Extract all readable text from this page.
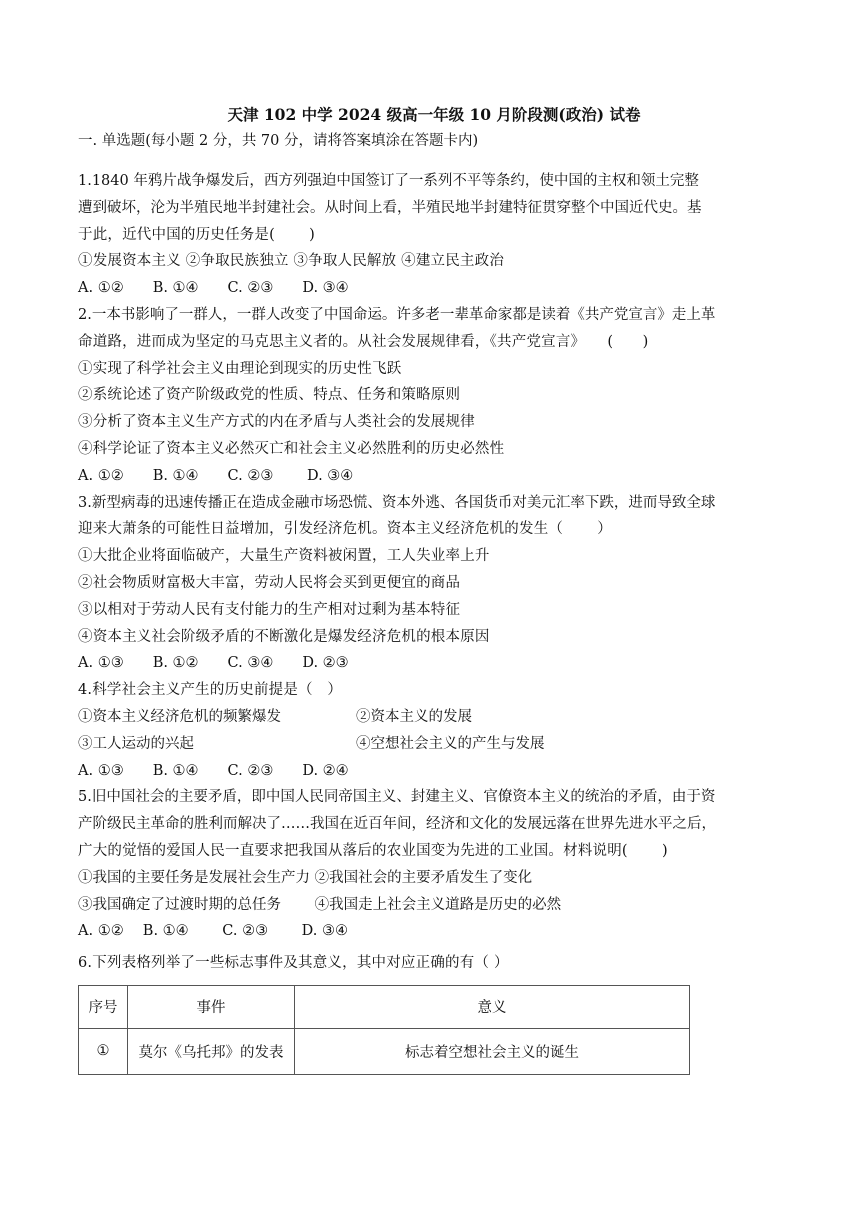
天津 102 中学 2024 级高一年级 10 月阶段测(政治) 试卷
一. 单选题(每小题 2 分，共 70 分，请将答案填涂在答题卡内)
1.1840 年鸦片战争爆发后，西方列强迫中国签订了一系列不平等条约，使中国的主权和领土完整
遭到破坏，沦为半殖民地半封建社会。从时间上看，半殖民地半封建特征贯穿整个中国近代史。基
于此，近代中国的历史任务是(　　 )
①发展资本主义 ②争取民族独立 ③争取人民解放 ④建立民主政治
A. ①②　　B. ①④　　C. ②③　　D. ③④
2.一本书影响了一群人，一群人改变了中国命运。许多老一辈革命家都是读着《共产党宣言》走上革
命道路，进而成为坚定的马克思主义者的。从社会发展规律看，《共产党宣言》　　(　　)
①实现了科学社会主义由理论到现实的历史性飞跃
②系统论述了资产阶级政党的性质、特点、任务和策略原则
③分析了资本主义生产方式的内在矛盾与人类社会的发展规律
④科学论证了资本主义必然灭亡和社会主义必然胜利的历史必然性
A. ①②　　B. ①④　　C. ②③　　 D. ③④
3.新型病毒的迅速传播正在造成金融市场恐慌、资本外逃、各国货币对美元汇率下跌，进而导致全球
迎来大萧条的可能性日益增加，引发经济危机。资本主义经济危机的发生（　　 ）
①大批企业将面临破产，大量生产资料被闲置，工人失业率上升
②社会物质财富极大丰富，劳动人民将会买到更便宜的商品
③以相对于劳动人民有支付能力的生产相对过剩为基本特征
④资本主义社会阶级矛盾的不断激化是爆发经济危机的根本原因
A. ①③　　B. ①②　　C. ③④　　D. ②③
4.科学社会主义产生的历史前提是（　）
①资本主义经济危机的频繁爆发	②资本主义的发展
③工人运动的兴起	④空想社会主义的产生与发展
A. ①③　　B. ①④　　C. ②③　　D. ②④
5.旧中国社会的主要矛盾，即中国人民同帝国主义、封建主义、官僚资本主义的统治的矛盾，由于资
产阶级民主革命的胜利而解决了……我国在近百年间，经济和文化的发展远落在世界先进水平之后，
广大的觉悟的爱国人民一直要求把我国从落后的农业国变为先进的工业国。材料说明(　　 )
①我国的主要任务是发展社会生产力 ②我国社会的主要矛盾发生了变化
③我国确定了过渡时期的总任务　　 ④我国走上社会主义道路是历史的必然
A. ①②　 B. ①④　　 C. ②③　　 D. ③④
6.下列表格列举了一些标志事件及其意义，其中对应正确的有（ ）
序号	事件	意义
①	莫尔《乌托邦》的发表	标志着空想社会主义的诞生
